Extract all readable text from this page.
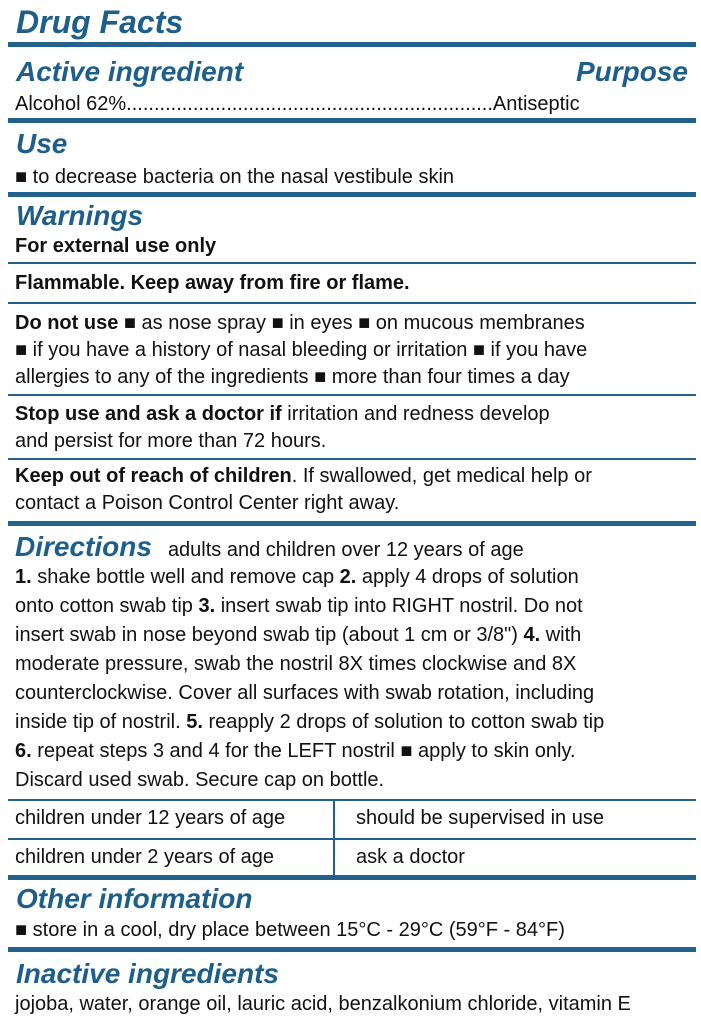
Drug Facts
Active ingredient	Purpose
Alcohol 62%..................................................................Antiseptic
Use
■ to decrease bacteria on the nasal vestibule skin
Warnings
For external use only
Flammable. Keep away from fire or flame.
Do not use ■ as nose spray ■ in eyes ■ on mucous membranes
■ if you have a history of nasal bleeding or irritation ■ if you have
allergies to any of the ingredients ■ more than four times a day
Stop use and ask a doctor if irritation and redness develop
and persist for more than 72 hours.
Keep out of reach of children. If swallowed, get medical help or
contact a Poison Control Center right away.
Directions adults and children over 12 years of age
1. shake bottle well and remove cap 2. apply 4 drops of solution
onto cotton swab tip 3. insert swab tip into RIGHT nostril. Do not
insert swab in nose beyond swab tip (about 1 cm or 3/8") 4. with
moderate pressure, swab the nostril 8X times clockwise and 8X
counterclockwise. Cover all surfaces with swab rotation, including
inside tip of nostril. 5. reapply 2 drops of solution to cotton swab tip
6. repeat steps 3 and 4 for the LEFT nostril ■ apply to skin only.
Discard used swab. Secure cap on bottle.
children under 12 years of age	should be supervised in use
children under 2 years of age	ask a doctor
Other information
■ store in a cool, dry place between 15°C - 29°C (59°F - 84°F)
Inactive ingredients
jojoba, water, orange oil, lauric acid, benzalkonium chloride, vitamin E
